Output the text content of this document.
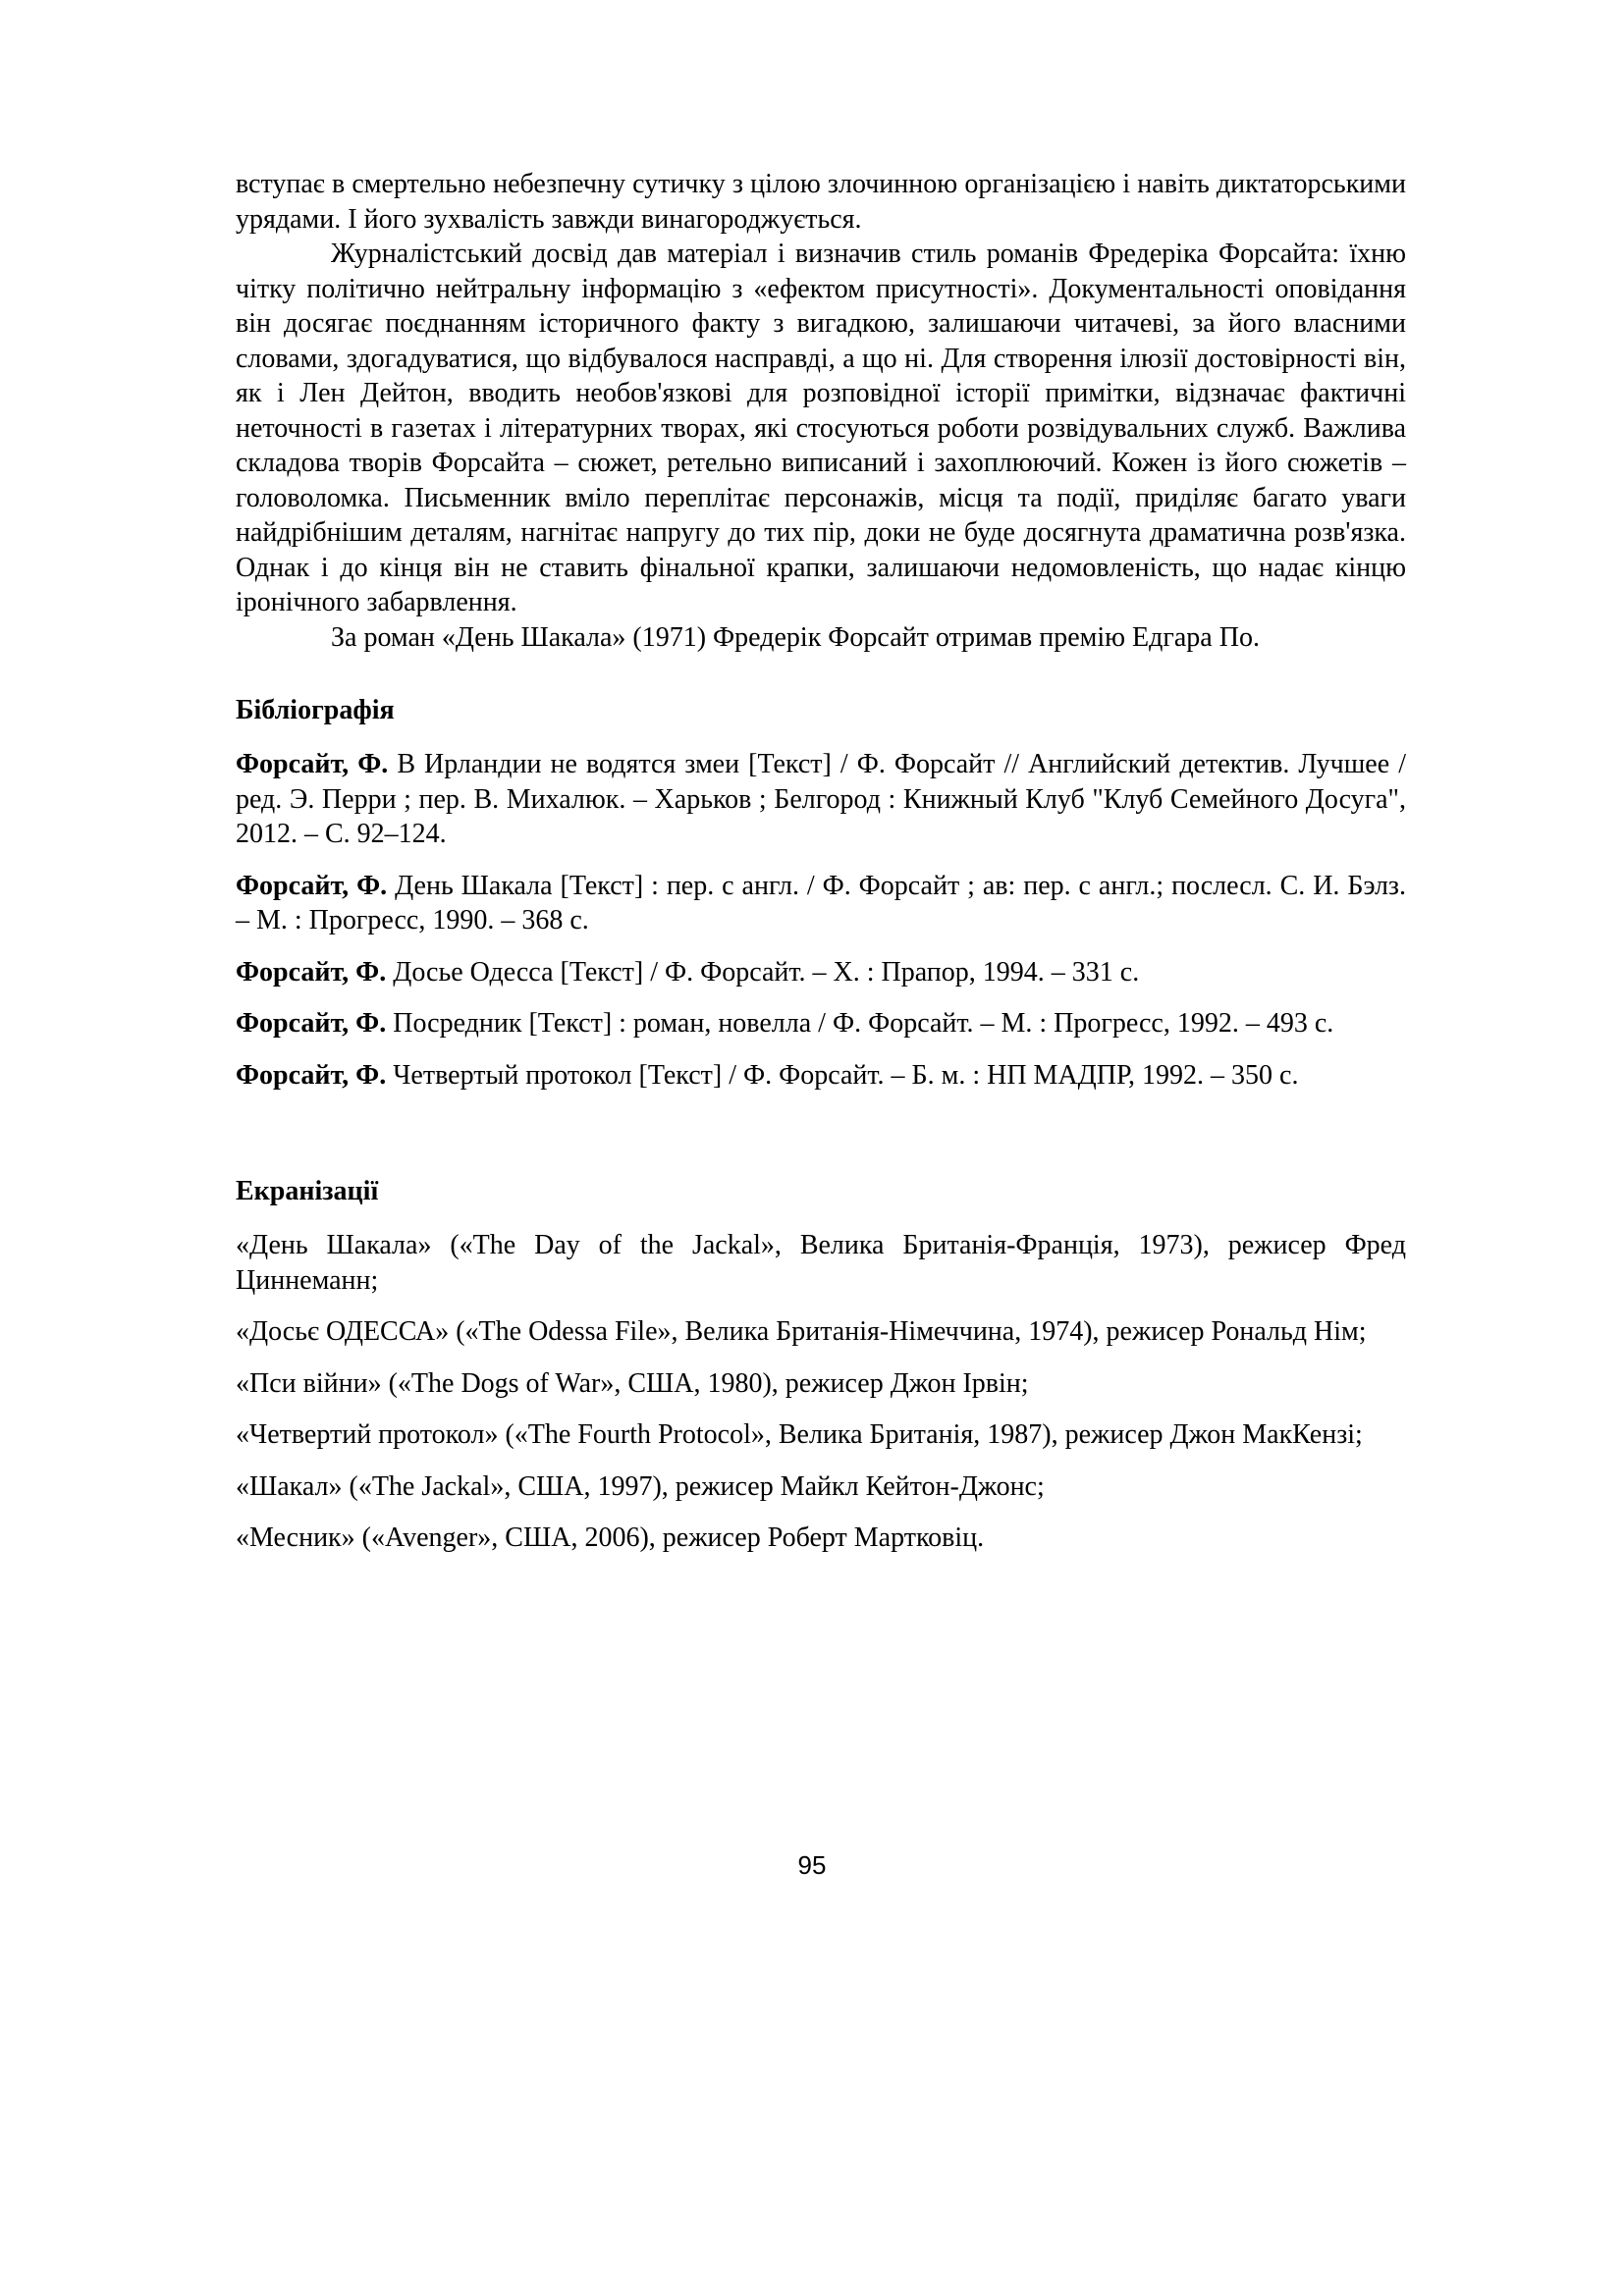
вступає в смертельно небезпечну сутичку з цілою злочинною організацією і навіть диктаторськими урядами. І його зухвалість завжди винагороджується.

Журналістський досвід дав матеріал і визначив стиль романів Фредеріка Форсайта: їхню чітку політично нейтральну інформацію з «ефектом присутності». Документальності оповідання він досягає поєднанням історичного факту з вигадкою, залишаючи читачеві, за його власними словами, здогадуватися, що відбувалося насправді, а що ні. Для створення ілюзії достовірності він, як і Лен Дейтон, вводить необов'язкові для розповідної історії примітки, відзначає фактичні неточності в газетах і літературних творах, які стосуються роботи розвідувальних служб. Важлива складова творів Форсайта – сюжет, ретельно виписаний і захоплюючий. Кожен із його сюжетів – головоломка. Письменник вміло переплітає персонажів, місця та події, приділяє багато уваги найдрібнішим деталям, нагнітає напругу до тих пір, доки не буде досягнута драматична розв'язка. Однак і до кінця він не ставить фінальної крапки, залишаючи недомовленість, що надає кінцю іронічного забарвлення.

За роман «День Шакала» (1971) Фредерік Форсайт отримав премію Едгара По.

Бібліографія

Форсайт, Ф. В Ирландии не водятся змеи [Текст] / Ф. Форсайт // Английский детектив. Лучшее / ред. Э. Перри ; пер. В. Михалюк. – Харьков ; Белгород : Книжный Клуб "Клуб Семейного Досуга", 2012. – С. 92–124.

Форсайт, Ф. День Шакала [Текст] : пер. с англ. / Ф. Форсайт ; ав: пер. с англ.; послесл. С. И. Бэлз. – М. : Прогресс, 1990. – 368 с.

Форсайт, Ф. Досье Одесса [Текст] / Ф. Форсайт. – Х. : Прапор, 1994. – 331 с.

Форсайт, Ф. Посредник [Текст] : роман, новелла / Ф. Форсайт. – М. : Прогресс, 1992. – 493 с.

Форсайт, Ф. Четвертый протокол [Текст] / Ф. Форсайт. – Б. м. : НП МАДПР, 1992. – 350 с.

Екранізації

«День Шакала» («The Day of the Jackal», Велика Британія-Франція, 1973), режисер Фред Циннеманн;

«Досьє ОДЕССА» («The Odessa File», Велика Британія-Німеччина, 1974), режисер Рональд Нім;

«Пси війни» («The Dogs of War», США, 1980), режисер Джон Ірвін;

«Четвертий протокол» («The Fourth Protocol», Велика Британія, 1987), режисер Джон МакКензі;

«Шакал» («The Jackal», США, 1997), режисер Майкл Кейтон-Джонс;

«Месник» («Avenger», США, 2006), режисер Роберт Мартковіц.

95
